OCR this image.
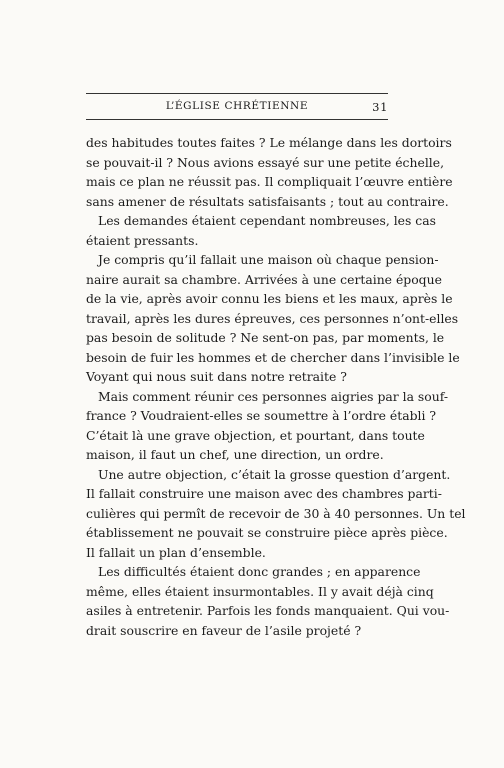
L’ÉGLISE CHRÉTIENNE	31

des habitudes toutes faites ? Le mélange dans les dortoirs
se pouvait-il ? Nous avions essayé sur une petite échelle,
mais ce plan ne réussit pas. Il compliquait l’œuvre entière
sans amener de résultats satisfaisants ; tout au contraire.

Les demandes étaient cependant nombreuses, les cas
étaient pressants.

Je compris qu’il fallait une maison où chaque pension-
naire aurait sa chambre. Arrivées à une certaine époque
de la vie, après avoir connu les biens et les maux, après le
travail, après les dures épreuves, ces personnes n’ont-elles
pas besoin de solitude ? Ne sent-on pas, par moments, le
besoin de fuir les hommes et de chercher dans l’invisible le
Voyant qui nous suit dans notre retraite ?

Mais comment réunir ces personnes aigries par la souf-
france ? Voudraient-elles se soumettre à l’ordre établi ?
C’était là une grave objection, et pourtant, dans toute
maison, il faut un chef, une direction, un ordre.

Une autre objection, c’était la grosse question d’argent.
Il fallait construire une maison avec des chambres parti-
culières qui permît de recevoir de 30 à 40 personnes. Un tel
établissement ne pouvait se construire pièce après pièce.
Il fallait un plan d’ensemble.

Les difficultés étaient donc grandes ; en apparence
même, elles étaient insurmontables. Il y avait déjà cinq
asiles à entretenir. Parfois les fonds manquaient. Qui vou-
drait souscrire en faveur de l’asile projeté ?
